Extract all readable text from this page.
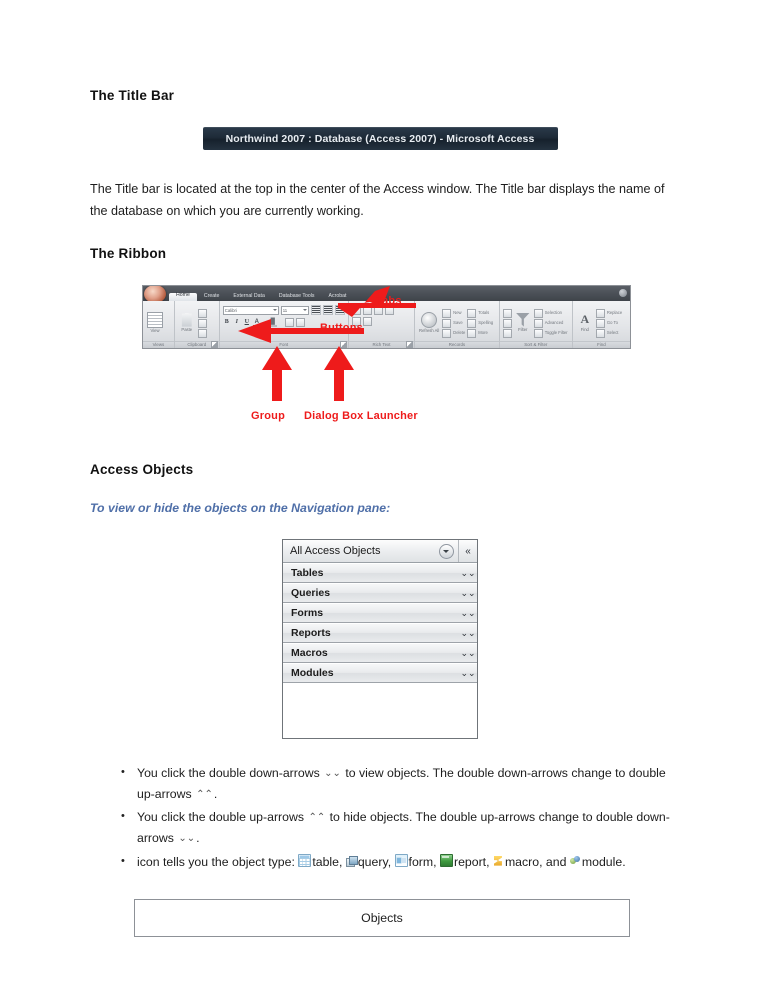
The Title Bar
Northwind 2007 : Database (Access 2007) - Microsoft Access

The Title bar is located at the top in the center of the Access window. The Title bar displays the name of the database on which you are currently working.

The Ribbon
Home	Create	External Data	Database Tools	Acrobat
View
Views
Paste
Clipboard
Calibri	11
B	I	U A	█
Font	Rich Text
Refresh All
New
Save
Delete
Totals
Spelling
More
Records
Filter
Selection
Advanced
Toggle Filter
Sort & Filter
A
Find
Replace
Go To
Select
Find
Tabs
Buttons
Group Dialog Box Launcher
Access Objects

To view or hide the objects on the Navigation pane:

All Access Objects	«
Tables	⌄⌄
Queries	⌄⌄
Forms	⌄⌄
Reports	⌄⌄
Macros	⌄⌄
Modules	⌄⌄
• You click the double down-arrows ⌄⌄ to view objects. The double down-arrows change to double up-arrows ⌃⌃.
• You click the double up-arrows ⌃⌃ to hide objects. The double up-arrows change to double down-arrows ⌄⌄.
• icon tells you the object type: table, query, form, report, macro, and module.
Objects
